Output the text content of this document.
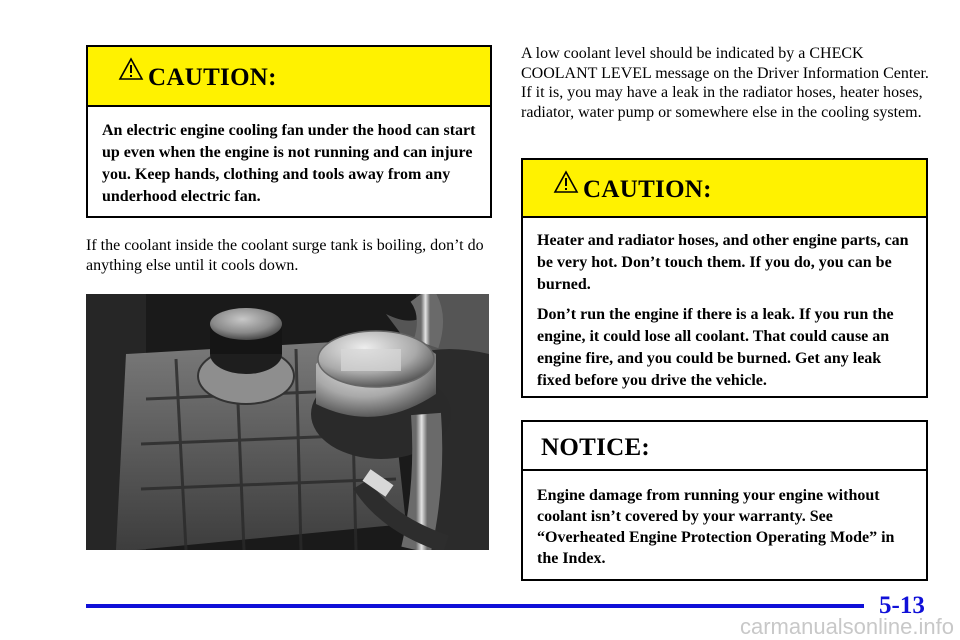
CAUTION:

An electric engine cooling fan under the hood can start up even when the engine is not running and can injure you. Keep hands, clothing and tools away from any underhood electric fan.

If the coolant inside the coolant surge tank is boiling, don’t do anything else until it cools down.
A low coolant level should be indicated by a CHECK COOLANT LEVEL message on the Driver Information Center. If it is, you may have a leak in the radiator hoses, heater hoses, radiator, water pump or somewhere else in the cooling system.
CAUTION:

Heater and radiator hoses, and other engine parts, can be very hot. Don’t touch them. If you do, you can be burned.

Don’t run the engine if there is a leak. If you run the engine, it could lose all coolant. That could cause an engine fire, and you could be burned. Get any leak fixed before you drive the vehicle.

NOTICE:

Engine damage from running your engine without coolant isn’t covered by your warranty. See “Overheated Engine Protection Operating Mode” in the Index.

5-13
carmanualsonline.info
